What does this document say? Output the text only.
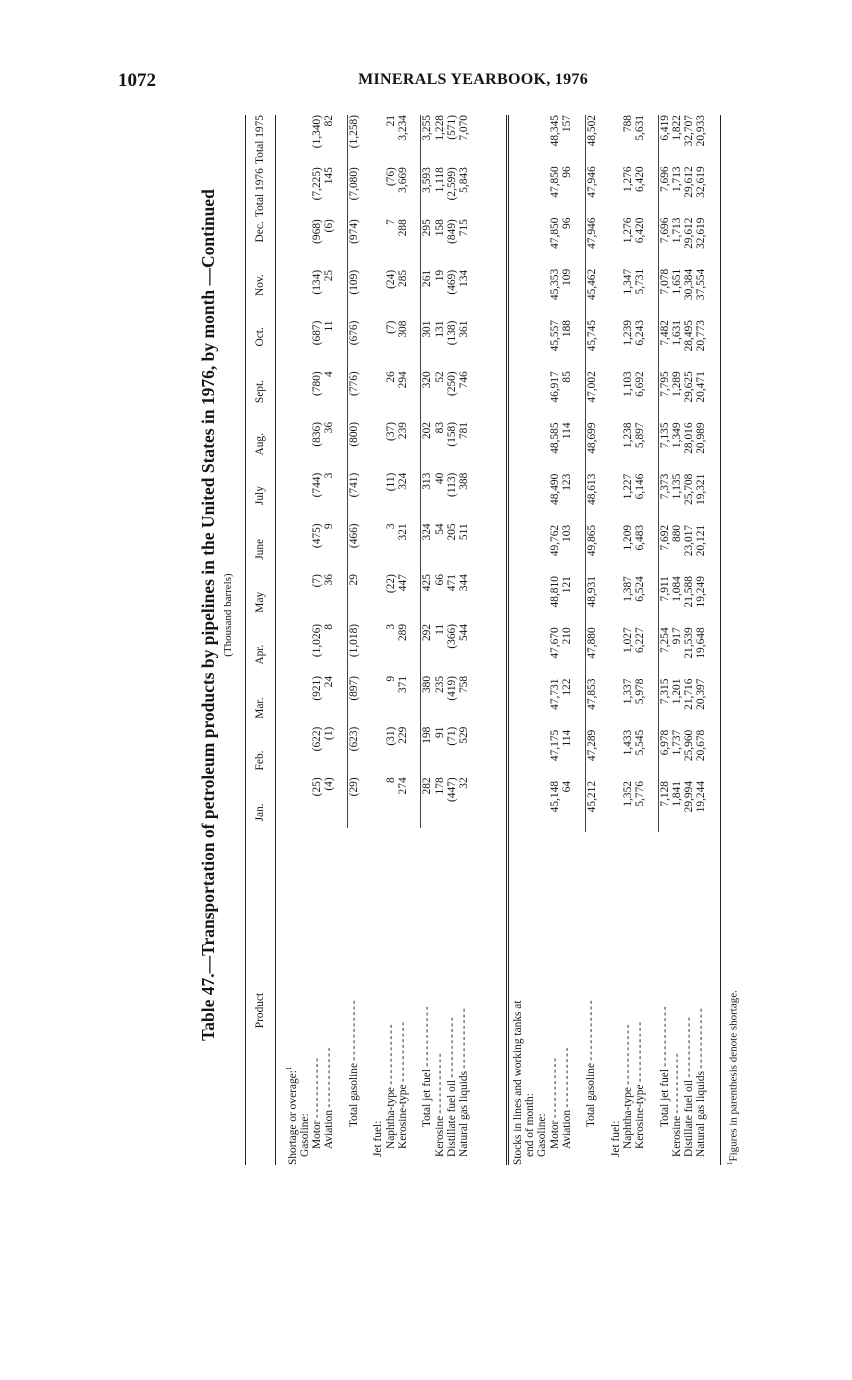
1072	MINERALS YEARBOOK, 1976
Table 47.—Transportation of petroleum products by pipelines in the United States in 1976, by month —Continued (Thousand barrels)
Product	Jan.	Feb.	Mar.	Apr.	May	June	July	Aug.	Sept.	Oct.	Nov.	Dec.	Total 1976	Total 1975
Shortage or overage:$^1$
Gasoline:														
Motor - - -	(25)	(622)	(921)	(1,026)	(7)	(475)	(744)	(836)	(780)	(687)	(134)	(968)	(7,225)	(1,340)
Aviation - - -	(4)	(1)	24	8	36	9	3	36	4	11	25	(6)	145	82

Total gasoline - - -	(29)	(623)	(897)	(1,018)	29	(466)	(741)	(800)	(776)	(676)	(109)	(974)	(7,080)	(1,258)

Jet fuel:														
Naphtha-type - - -	8	(31)	9	3	(22)	3	(11)	(37)	26	(7)	(24)	7	(76)	21
Kerosine-type - - -	274	229	371	289	447	321	324	239	294	308	285	288	3,669	3,234

Total jet fuel - - -	282	198	380	292	425	324	313	202	320	301	261	295	3,593	3,255
Kerosine - - -	178	91	235	11	66	54	40	83	52	131	19	158	1,118	1,228
Distillate fuel oil - - -	(447)	(71)	(419)	(366)	471	205	(113)	(158)	(250)	(138)	(469)	(849)	(2,599)	(571)
Natural gas liquids - - -	32	529	758	544	344	511	388	781	746	361	134	715	5,843	7,070
Stocks in lines and working tanks at														
end of month:														
Gasoline:														
Motor - - -	45,148	47,175	47,731	47,670	48,810	49,762	48,490	48,585	46,917	45,557	45,353	47,850	47,850	48,345
Aviation - - -	64	114	122	210	121	103	123	114	85	188	109	96	96	157

Total gasoline - - -	45,212	47,289	47,853	47,880	48,931	49,865	48,613	48,699	47,002	45,745	45,462	47,946	47,946	48,502

Jet fuel:														
Naphtha-type - - -	1,352	1,433	1,337	1,027	1,387	1,209	1,227	1,238	1,103	1,239	1,347	1,276	1,276	788
Kerosine-type - - -	5,776	5,545	5,978	6,227	6,524	6,483	6,146	5,897	6,692	6,243	5,731	6,420	6,420	5,631

Total jet fuel - - -	7,128	6,978	7,315	7,254	7,911	7,692	7,373	7,135	7,795	7,482	7,078	7,696	7,696	6,419
Kerosine - - -	1,841	1,737	1,201	917	1,084	880	1,135	1,349	1,289	1,631	1,651	1,713	1,713	1,822
Distillate fuel oil - - -	29,994	25,960	21,716	21,539	21,588	23,017	25,708	28,016	29,625	28,495	30,384	29,612	29,612	32,707
Natural gas liquids - - -	19,244	20,678	20,397	19,648	19,249	20,121	19,321	20,989	20,471	20,773	37,554	32,619	32,619	20,933
$^1$Figures in parenthesis denote shortage.
